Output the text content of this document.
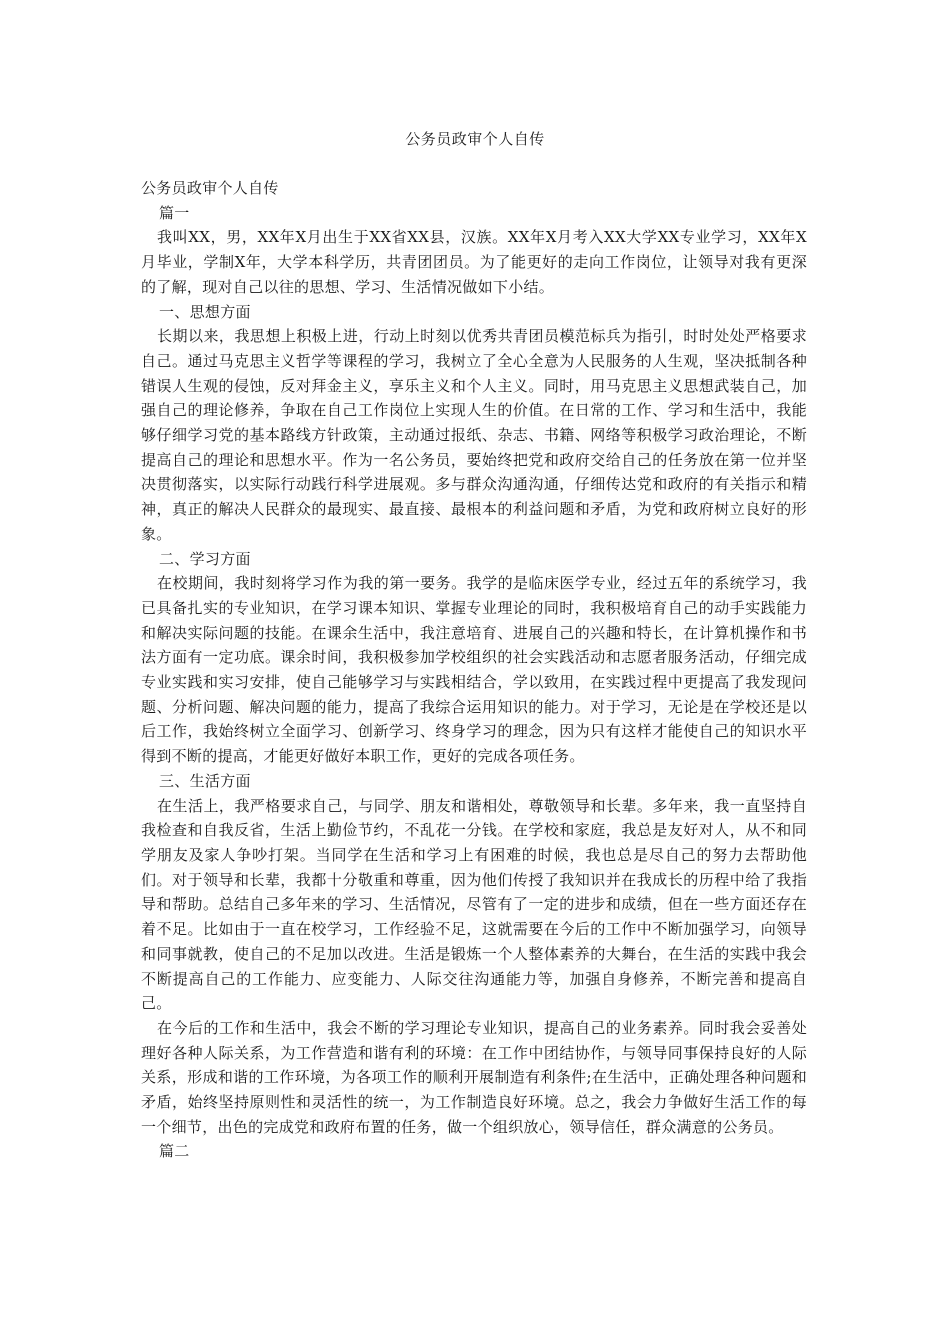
公务员政审个人自传

公务员政审个人自传

篇一

我叫XX，男，XX年X月出生于XX省XX县，汉族。XX年X月考入XX大学XX专业学习，XX年X月毕业，学制X年，大学本科学历，共青团团员。为了能更好的走向工作岗位，让领导对我有更深的了解，现对自己以往的思想、学习、生活情况做如下小结。

一、思想方面

长期以来，我思想上积极上进，行动上时刻以优秀共青团员模范标兵为指引，时时处处严格要求自己。通过马克思主义哲学等课程的学习，我树立了全心全意为人民服务的人生观，坚决抵制各种错误人生观的侵蚀，反对拜金主义，享乐主义和个人主义。同时，用马克思主义思想武装自己，加强自己的理论修养，争取在自己工作岗位上实现人生的价值。在日常的工作、学习和生活中，我能够仔细学习党的基本路线方针政策，主动通过报纸、杂志、书籍、网络等积极学习政治理论，不断提高自己的理论和思想水平。作为一名公务员，要始终把党和政府交给自己的任务放在第一位并坚决贯彻落实，以实际行动践行科学进展观。多与群众沟通沟通，仔细传达党和政府的有关指示和精神，真正的解决人民群众的最现实、最直接、最根本的利益问题和矛盾，为党和政府树立良好的形象。

二、学习方面

在校期间，我时刻将学习作为我的第一要务。我学的是临床医学专业，经过五年的系统学习，我已具备扎实的专业知识，在学习课本知识、掌握专业理论的同时，我积极培育自己的动手实践能力和解决实际问题的技能。在课余生活中，我注意培育、进展自己的兴趣和特长，在计算机操作和书法方面有一定功底。课余时间，我积极参加学校组织的社会实践活动和志愿者服务活动，仔细完成专业实践和实习安排，使自己能够学习与实践相结合，学以致用，在实践过程中更提高了我发现问题、分析问题、解决问题的能力，提高了我综合运用知识的能力。对于学习，无论是在学校还是以后工作，我始终树立全面学习、创新学习、终身学习的理念，因为只有这样才能使自己的知识水平得到不断的提高，才能更好做好本职工作，更好的完成各项任务。

三、生活方面

在生活上，我严格要求自己，与同学、朋友和谐相处，尊敬领导和长辈。多年来，我一直坚持自我检查和自我反省，生活上勤俭节约，不乱花一分钱。在学校和家庭，我总是友好对人，从不和同学朋友及家人争吵打架。当同学在生活和学习上有困难的时候，我也总是尽自己的努力去帮助他们。对于领导和长辈，我都十分敬重和尊重，因为他们传授了我知识并在我成长的历程中给了我指导和帮助。总结自己多年来的学习、生活情况，尽管有了一定的进步和成绩，但在一些方面还存在着不足。比如由于一直在校学习，工作经验不足，这就需要在今后的工作中不断加强学习，向领导和同事就教，使自己的不足加以改进。生活是锻炼一个人整体素养的大舞台，在生活的实践中我会不断提高自己的工作能力、应变能力、人际交往沟通能力等，加强自身修养，不断完善和提高自己。

在今后的工作和生活中，我会不断的学习理论专业知识，提高自己的业务素养。同时我会妥善处理好各种人际关系，为工作营造和谐有利的环境：在工作中团结协作，与领导同事保持良好的人际关系，形成和谐的工作环境，为各项工作的顺利开展制造有利条件;在生活中，正确处理各种问题和矛盾，始终坚持原则性和灵活性的统一，为工作制造良好环境。总之，我会力争做好生活工作的每一个细节，出色的完成党和政府布置的任务，做一个组织放心，领导信任，群众满意的公务员。

篇二
